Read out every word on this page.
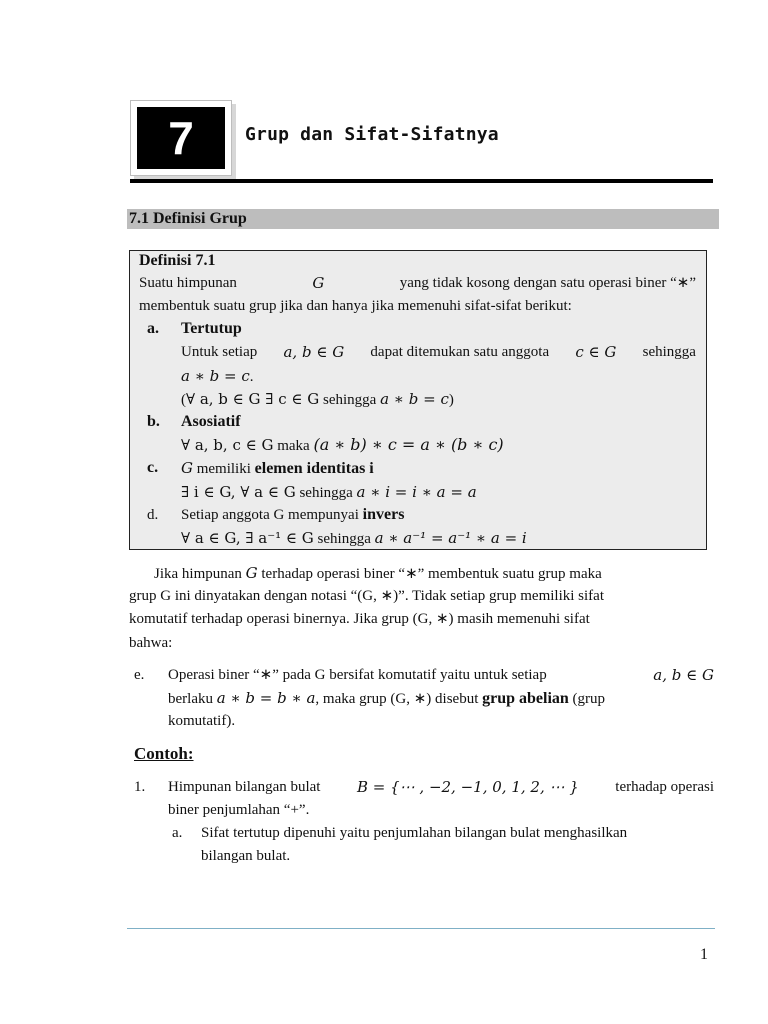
7	Grup dan Sifat-Sifatnya
7.1 Definisi Grup
Definisi 7.1
Suatu himpunan	G	yang tidak kosong dengan satu operasi biner “∗”
membentuk suatu grup jika dan hanya jika memenuhi sifat-sifat berikut:
a. Tertutup
Untuk setiap a, b ∈ G dapat ditemukan satu anggota c ∈ G sehingga
a ∗ b = c.
(∀ a, b ∈ G ∃ c ∈ G sehingga a ∗ b = c)
b. Asosiatif
∀ a, b, c ∈ G maka (a ∗ b) ∗ c = a ∗ (b ∗ c)
c. G memiliki elemen identitas i
∃ i ∈ G, ∀ a ∈ G sehingga a ∗ i = i ∗ a = a
d. Setiap anggota G mempunyai invers
∀ a ∈ G, ∃ a⁻¹ ∈ G sehingga a ∗ a⁻¹ = a⁻¹ ∗ a = i
Jika himpunan G terhadap operasi biner “∗” membentuk suatu grup maka
grup G ini dinyatakan dengan notasi “(G, ∗)”. Tidak setiap grup memiliki sifat
komutatif terhadap operasi binernya. Jika grup (G, ∗) masih memenuhi sifat
bahwa:
e. Operasi biner “∗” pada G bersifat komutatif yaitu untuk setiap	a, b ∈ G
berlaku a ∗ b = b ∗ a, maka grup (G, ∗) disebut grup abelian (grup
komutatif).
Contoh:
1. Himpunan bilangan bulat B = {⋯ , −2, −1, 0, 1, 2, ⋯ } terhadap operasi
biner penjumlahan “+”.
a. Sifat tertutup dipenuhi yaitu penjumlahan bilangan bulat menghasilkan
bilangan bulat.
1
